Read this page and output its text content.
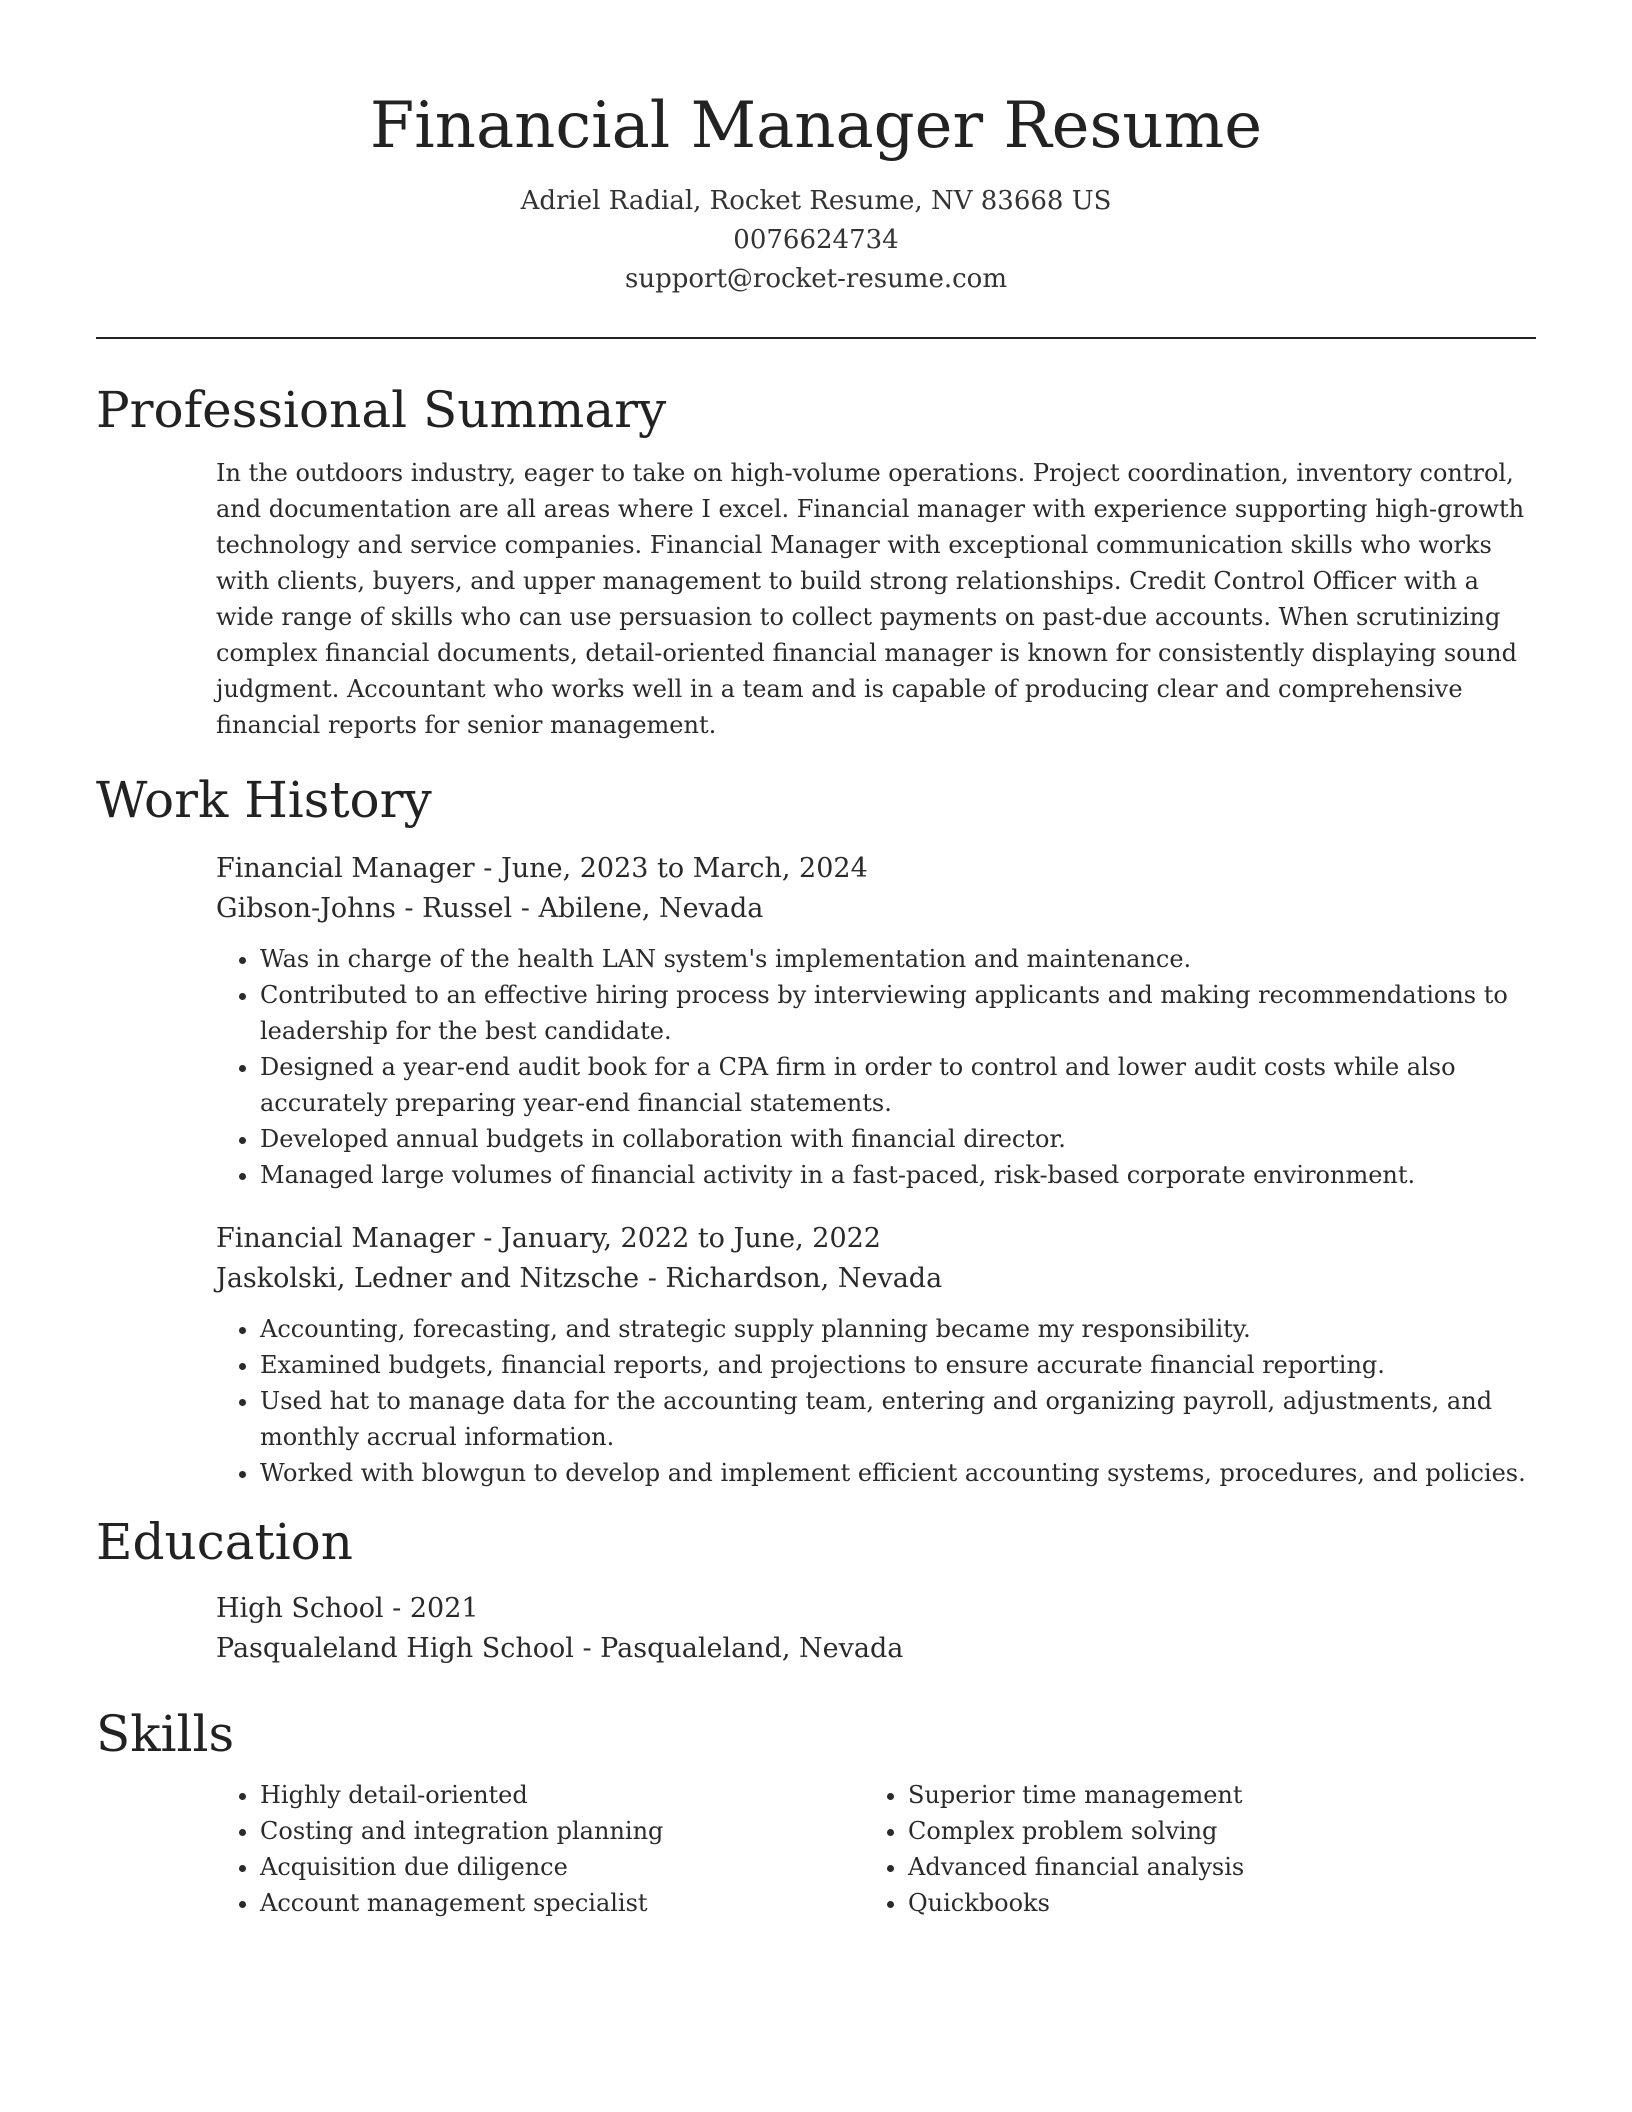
Financial Manager Resume
Adriel Radial, Rocket Resume, NV 83668 US
0076624734
support@rocket-resume.com
Professional Summary
In the outdoors industry, eager to take on high-volume operations. Project coordination, inventory control, and documentation are all areas where I excel. Financial manager with experience supporting high-growth technology and service companies. Financial Manager with exceptional communication skills who works with clients, buyers, and upper management to build strong relationships. Credit Control Officer with a wide range of skills who can use persuasion to collect payments on past-due accounts. When scrutinizing complex financial documents, detail-oriented financial manager is known for consistently displaying sound judgment. Accountant who works well in a team and is capable of producing clear and comprehensive financial reports for senior management.
Work History
Financial Manager - June, 2023 to March, 2024
Gibson-Johns - Russel - Abilene, Nevada
• Was in charge of the health LAN system's implementation and maintenance.
• Contributed to an effective hiring process by interviewing applicants and making recommendations to leadership for the best candidate.
• Designed a year-end audit book for a CPA firm in order to control and lower audit costs while also accurately preparing year-end financial statements.
• Developed annual budgets in collaboration with financial director.
• Managed large volumes of financial activity in a fast-paced, risk-based corporate environment.
Financial Manager - January, 2022 to June, 2022
Jaskolski, Ledner and Nitzsche - Richardson, Nevada
• Accounting, forecasting, and strategic supply planning became my responsibility.
• Examined budgets, financial reports, and projections to ensure accurate financial reporting.
• Used hat to manage data for the accounting team, entering and organizing payroll, adjustments, and monthly accrual information.
• Worked with blowgun to develop and implement efficient accounting systems, procedures, and policies.
Education
High School - 2021
Pasqualeland High School - Pasqualeland, Nevada
Skills
• Highly detail-oriented
• Costing and integration planning
• Acquisition due diligence
• Account management specialist
• Superior time management
• Complex problem solving
• Advanced financial analysis
• Quickbooks
